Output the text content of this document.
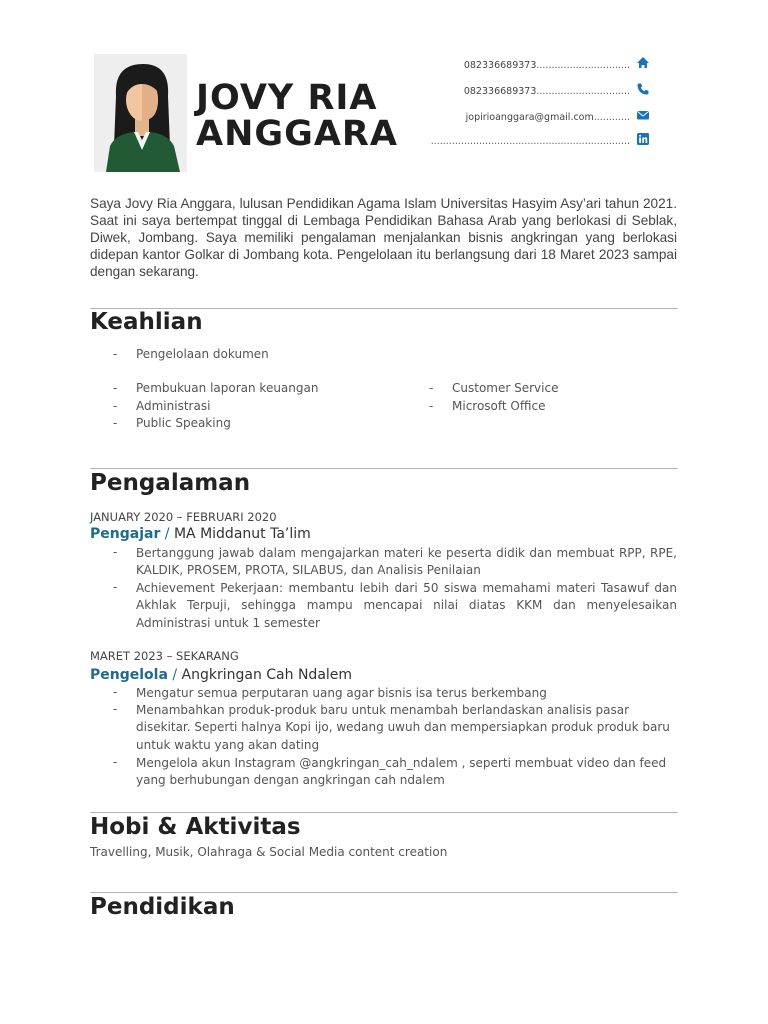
JOVY RIA
ANGGARA
082336689373...............................
082336689373...............................
jopirioanggara@gmail.com............
..................................................................
Saya Jovy Ria Anggara, lulusan Pendidikan Agama Islam Universitas Hasyim Asy’ari tahun 2021. Saat ini saya bertempat tinggal di Lembaga Pendidikan Bahasa Arab yang berlokasi di Seblak, Diwek, Jombang. Saya memiliki pengalaman menjalankan bisnis angkringan yang berlokasi didepan kantor Golkar di Jombang kota. Pengelolaan itu berlangsung dari 18 Maret 2023 sampai dengan sekarang.
Keahlian
- Pengelolaan dokumen
- Pembukuan laporan keuangan
- Administrasi
- Public Speaking
- Customer Service
- Microsoft Office
Pengalaman
JANUARY 2020 – FEBRUARI 2020
Pengajar / MA Middanut Ta’lim
- Bertanggung jawab dalam mengajarkan materi ke peserta didik dan membuat RPP, RPE, KALDIK, PROSEM, PROTA, SILABUS, dan Analisis Penilaian
- Achievement Pekerjaan: membantu lebih dari 50 siswa memahami materi Tasawuf dan Akhlak Terpuji, sehingga mampu mencapai nilai diatas KKM dan menyelesaikan Administrasi untuk 1 semester
MARET 2023 – SEKARANG
Pengelola / Angkringan Cah Ndalem
- Mengatur semua perputaran uang agar bisnis isa terus berkembang
- Menambahkan produk-produk baru untuk menambah berlandaskan analisis pasar disekitar. Seperti halnya Kopi ijo, wedang uwuh dan mempersiapkan produk produk baru untuk waktu yang akan dating
- Mengelola akun Instagram @angkringan_cah_ndalem , seperti membuat video dan feed yang berhubungan dengan angkringan cah ndalem
Hobi & Aktivitas
Travelling, Musik, Olahraga & Social Media content creation
Pendidikan
